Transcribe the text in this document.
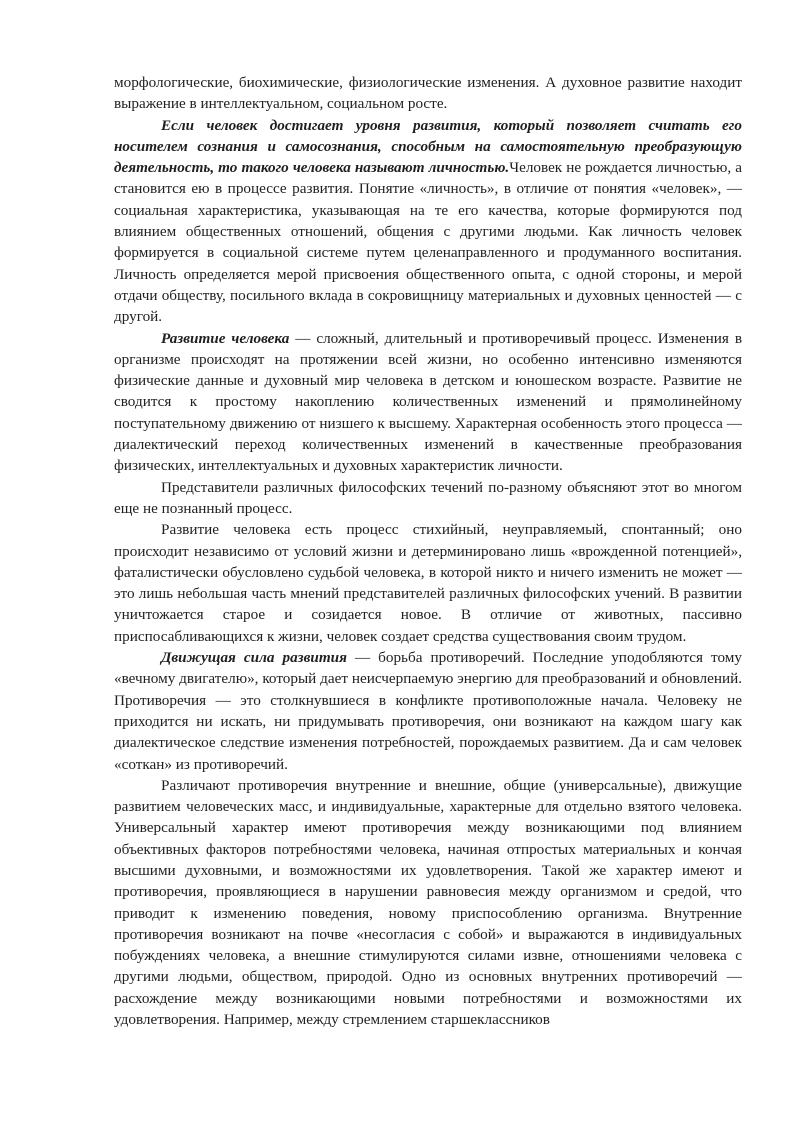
морфологические, биохимические, физиологические изменения. А духовное развитие находит выражение в интеллектуальном, социальном росте.

Если человек достигает уровня развития, который позволяет считать его носителем сознания и самосознания, способным на самостоятельную преобразующую деятельность, то такого человека называют личностью.Человек не рождается личностью, а становится ею в процессе развития. Понятие «личность», в отличие от понятия «человек», — социальная характеристика, указывающая на те его качества, которые формируются под влиянием общественных отношений, общения с другими людьми. Как личность человек формируется в социальной системе путем целенаправленного и продуманного воспитания. Личность определяется мерой присвоения общественного опыта, с одной стороны, и мерой отдачи обществу, посильного вклада в сокровищницу материальных и духовных ценностей — с другой.

Развитие человека — сложный, длительный и противоречивый процесс. Изменения в организме происходят на протяжении всей жизни, но особенно интенсивно изменяются физические данные и духовный мир человека в детском и юношеском возрасте. Развитие не сводится к простому накоплению количественных изменений и прямолинейному поступательному движению от низшего к высшему. Характерная особенность этого процесса — диалектический переход количественных изменений в качественные преобразования физических, интеллектуальных и духовных характеристик личности.

Представители различных философских течений по-разному объясняют этот во многом еще не познанный процесс.

Развитие человека есть процесс стихийный, неуправляемый, спонтанный; оно происходит независимо от условий жизни и детерминировано лишь «врожденной потенцией», фаталистически обусловлено судьбой человека, в которой никто и ничего изменить не может — это лишь небольшая часть мнений представителей различных философских учений. В развитии уничтожается старое и созидается новое. В отличие от животных, пассивно приспосабливающихся к жизни, человек создает средства существования своим трудом.

Движущая сила развития — борьба противоречий. Последние уподобляются тому «вечному двигателю», который дает неисчерпаемую энергию для преобразований и обновлений. Противоречия — это столкнувшиеся в конфликте противоположные начала. Человеку не приходится ни искать, ни придумывать противоречия, они возникают на каждом шагу как диалектическое следствие изменения потребностей, порождаемых развитием. Да и сам человек «соткан» из противоречий.

Различают противоречия внутренние и внешние, общие (универсальные), движущие развитием человеческих масс, и индивидуальные, характерные для отдельно взятого человека. Универсальный характер имеют противоречия между возникающими под влиянием объективных факторов потребностями человека, начиная отпростых материальных и кончая высшими духовными, и возможностями их удовлетворения. Такой же характер имеют и противоречия, проявляющиеся в нарушении равновесия между организмом и средой, что приводит к изменению поведения, новому приспособлению организма. Внутренние противоречия возникают на почве «несогласия с собой» и выражаются в индивидуальных побуждениях человека, а внешние стимулируются силами извне, отношениями человека с другими людьми, обществом, природой. Одно из основных внутренних противоречий — расхождение между возникающими новыми потребностями и возможностями их удовлетворения. Например, между стремлением старшеклассников
